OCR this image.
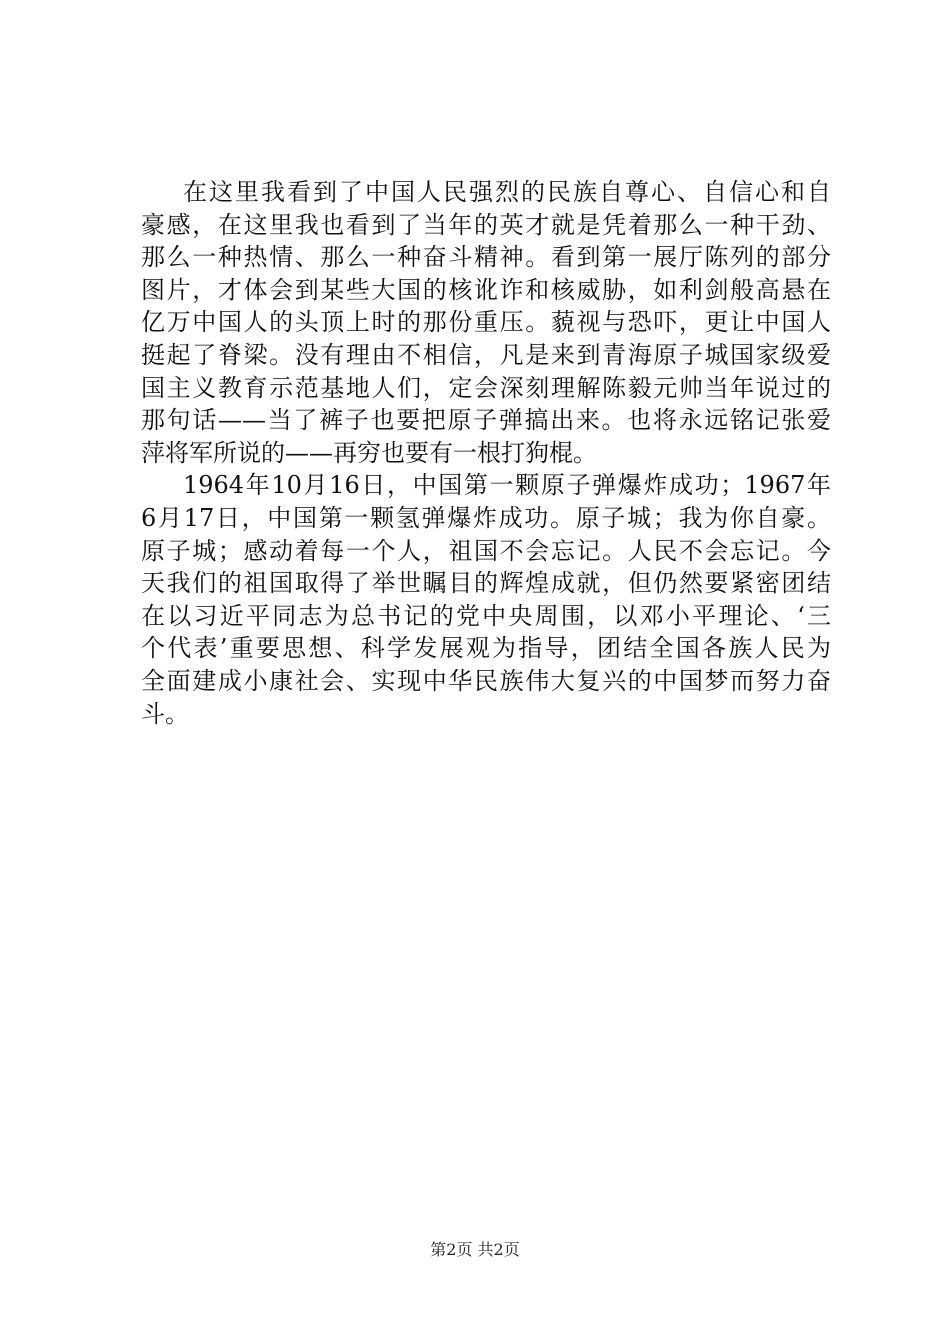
在这里我看到了中国人民强烈的民族自尊心、自信心和自
豪感，在这里我也看到了当年的英才就是凭着那么一种干劲、
那么一种热情、那么一种奋斗精神。看到第一展厅陈列的部分
图片，才体会到某些大国的核讹诈和核威胁，如利剑般高悬在
亿万中国人的头顶上时的那份重压。藐视与恐吓，更让中国人
挺起了脊梁。没有理由不相信，凡是来到青海原子城国家级爱
国主义教育示范基地人们，定会深刻理解陈毅元帅当年说过的
那句话——当了裤子也要把原子弹搞出来。也将永远铭记张爱
萍将军所说的——再穷也要有一根打狗棍。
1964年10月16日，中国第一颗原子弹爆炸成功；1967年
6月17日，中国第一颗氢弹爆炸成功。原子城；我为你自豪。
原子城；感动着每一个人，祖国不会忘记。人民不会忘记。今
天我们的祖国取得了举世瞩目的辉煌成就，但仍然要紧密团结
在以习近平同志为总书记的党中央周围，以邓小平理论、‘三
个代表’重要思想、科学发展观为指导，团结全国各族人民为
全面建成小康社会、实现中华民族伟大复兴的中国梦而努力奋
斗。
第2页 共2页
